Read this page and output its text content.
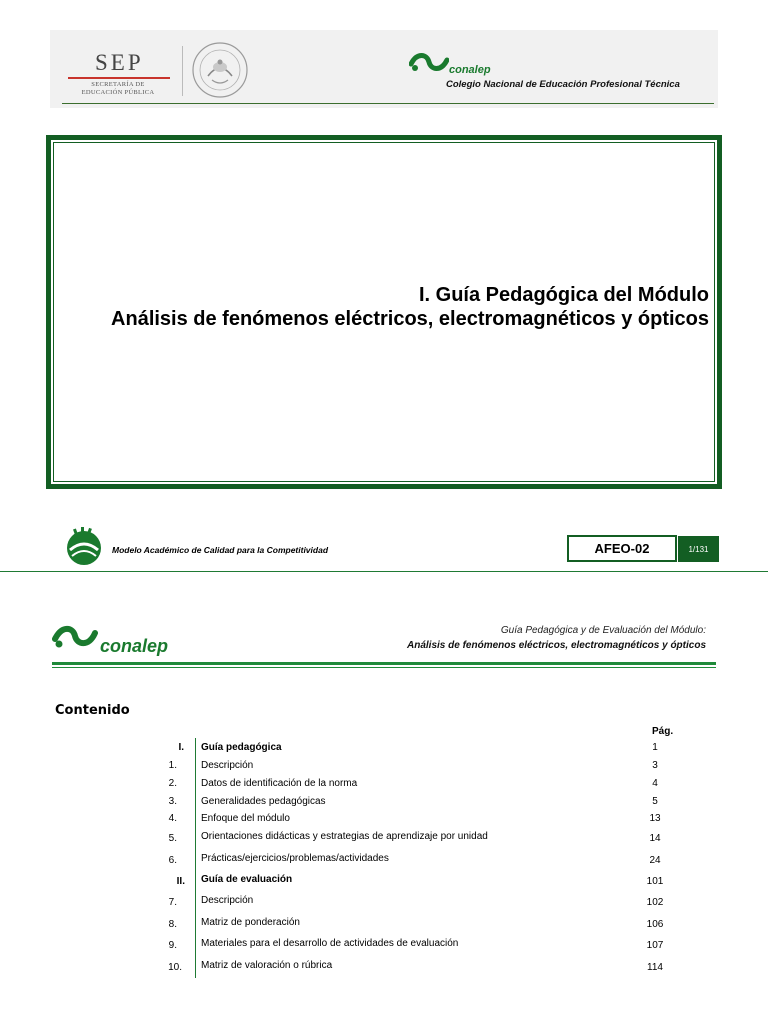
SEP
SECRETARÍA DE
EDUCACIÓN PÚBLICA
conalep
Colegio Nacional de Educación Profesional Técnica
I. Guía Pedagógica del Módulo
Análisis de fenómenos eléctricos, electromagnéticos y ópticos
Modelo Académico de Calidad para la Competitividad	AFEO-02	1/131
conalep
Guía Pedagógica y de Evaluación del Módulo:
Análisis de fenómenos eléctricos, electromagnéticos y ópticos
Contenido
Pág.
I. Guía pedagógica	1
1. Descripción	3
2. Datos de identificación de la norma	4
3. Generalidades pedagógicas	5
4. Enfoque del módulo	13
5. Orientaciones didácticas y estrategias de aprendizaje por unidad	14
6. Prácticas/ejercicios/problemas/actividades	24
II. Guía de evaluación	101
7. Descripción	102
8. Matriz de ponderación	106
9. Materiales para el desarrollo de actividades de evaluación	107
10. Matriz de valoración o rúbrica	114
